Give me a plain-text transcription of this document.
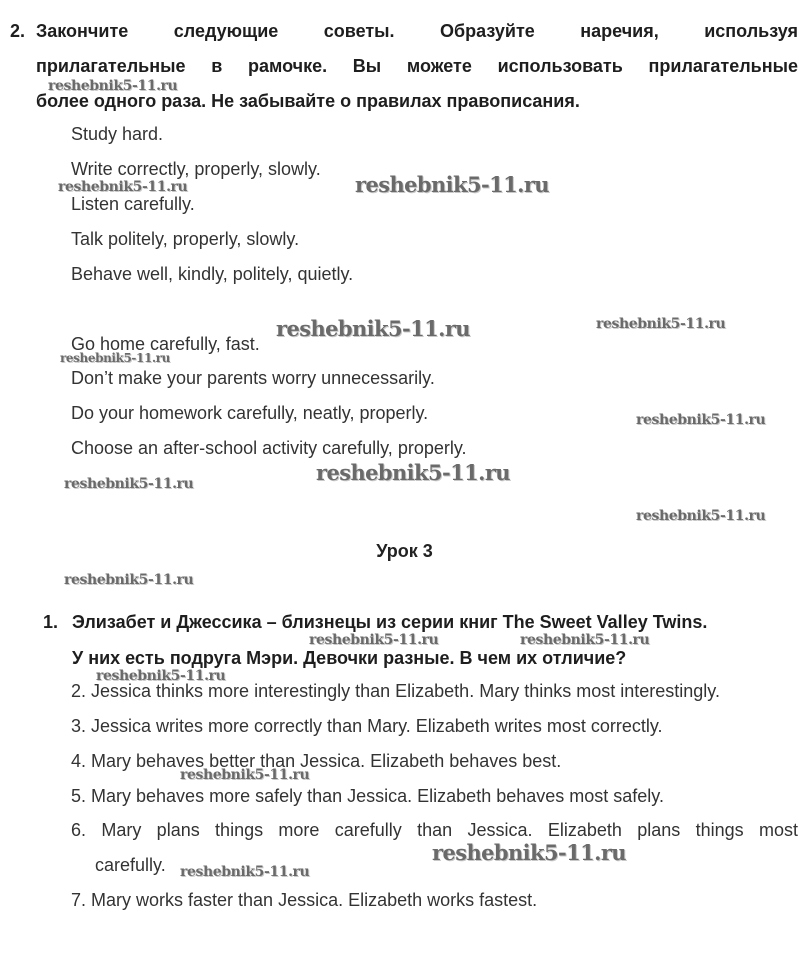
2. Закончите следующие советы. Образуйте наречия, используя
прилагательные в рамочке. Вы можете использовать прилагательные
более одного раза. Не забывайте о правилах правописания.
Study hard.
Write correctly, properly, slowly.
Listen carefully.
Talk politely, properly, slowly.
Behave well, kindly, politely, quietly.
Go home carefully, fast.
Don’t make your parents worry unnecessarily.
Do your homework carefully, neatly, properly.
Choose an after-school activity carefully, properly.
Урок 3
1. Элизабет и Джессика – близнецы из серии книг The Sweet Valley Twins.
У них есть подруга Мэри. Девочки разные. В чем их отличие?
2. Jessica thinks more interestingly than Elizabeth. Mary thinks most interestingly.
3. Jessica writes more correctly than Mary. Elizabeth writes most correctly.
4. Mary behaves better than Jessica. Elizabeth behaves best.
5. Mary behaves more safely than Jessica. Elizabeth behaves most safely.
6. Mary plans things more carefully than Jessica. Elizabeth plans things most
carefully.
7. Mary works faster than Jessica. Elizabeth works fastest.
reshebnik5-11.ru
reshebnik5-11.ru	reshebnik5-11.ru
reshebnik5-11.ru	reshebnik5-11.ru
reshebnik5-11.ru
reshebnik5-11.ru
reshebnik5-11.ru
reshebnik5-11.ru
reshebnik5-11.ru
reshebnik5-11.ru
reshebnik5-11.ru	reshebnik5-11.ru
reshebnik5-11.ru
reshebnik5-11.ru
reshebnik5-11.ru
reshebnik5-11.ru
